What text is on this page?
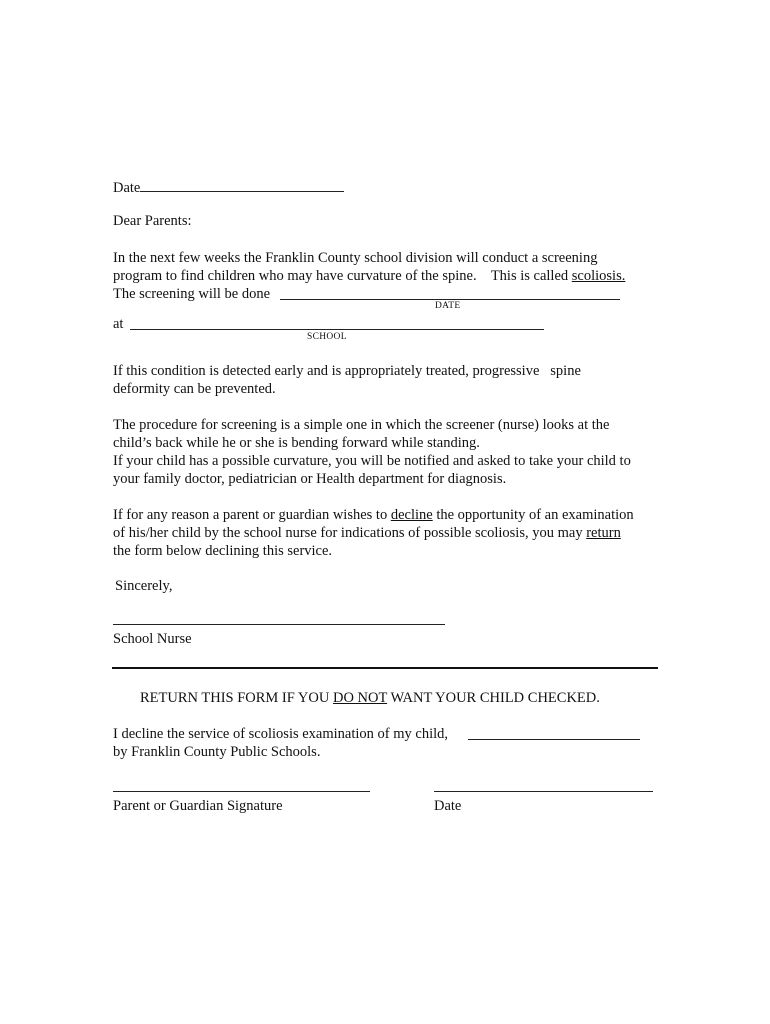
Date
Dear Parents:
In the next few weeks the Franklin County school division will conduct a screening
program to find children who may have curvature of the spine.    This is called scoliosis.
The screening will be done
DATE
at
SCHOOL
If this condition is detected early and is appropriately treated, progressive   spine
deformity can be prevented.
The procedure for screening is a simple one in which the screener (nurse) looks at the
child’s back while he or she is bending forward while standing.
If your child has a possible curvature, you will be notified and asked to take your child to
your family doctor, pediatrician or Health department for diagnosis.
If for any reason a parent or guardian wishes to decline the opportunity of an examination
of his/her child by the school nurse for indications of possible scoliosis, you may return
the form below declining this service.
Sincerely,
School Nurse
RETURN THIS FORM IF YOU DO NOT WANT YOUR CHILD CHECKED.
I decline the service of scoliosis examination of my child,
by Franklin County Public Schools.
Parent or Guardian Signature	Date
